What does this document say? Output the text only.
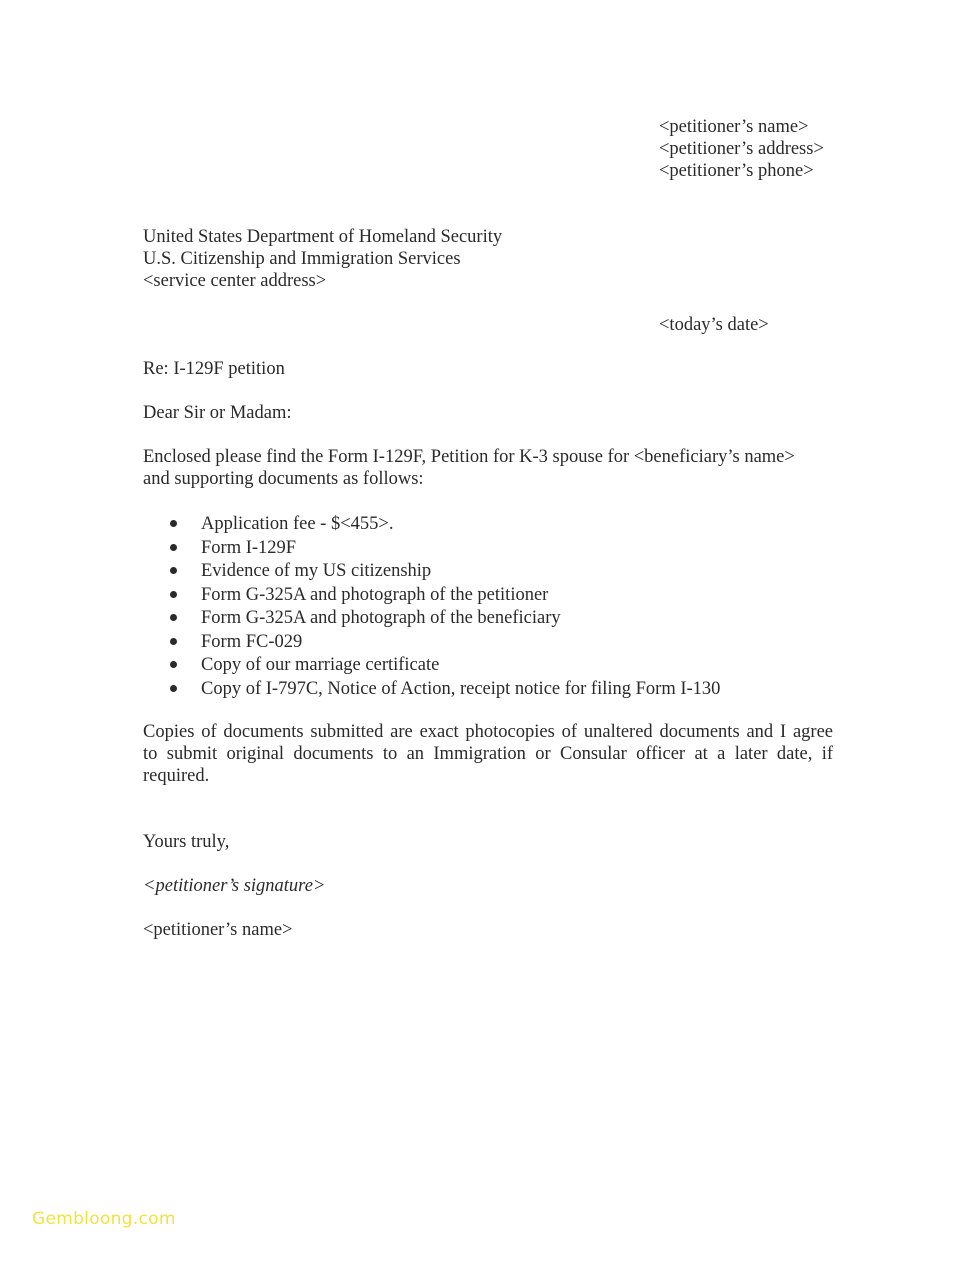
<petitioner’s name>
<petitioner’s address>
<petitioner’s phone>
United States Department of Homeland Security
U.S. Citizenship and Immigration Services
<service center address>
<today’s date>
Re: I-129F petition
Dear Sir or Madam:
Enclosed please find the Form I-129F, Petition for K-3 spouse for <beneficiary’s name>
and supporting documents as follows:
Application fee - $<455>.
Form I-129F
Evidence of my US citizenship
Form G-325A and photograph of the petitioner
Form G-325A and photograph of the beneficiary
Form FC-029
Copy of our marriage certificate
Copy of I-797C, Notice of Action, receipt notice for filing Form I-130
Copies of documents submitted are exact photocopies of unaltered documents and I agree
to submit original documents to an Immigration or Consular officer at a later date, if
required.
Yours truly,
<petitioner’s signature>
<petitioner’s name>
Gembloong.com
